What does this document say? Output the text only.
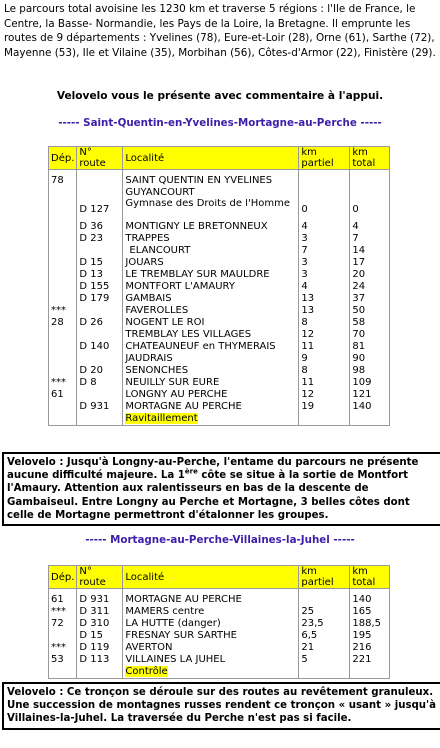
Le parcours total avoisine les 1230 km et traverse 5 régions : l'Ile de France, le Centre, la Basse- Normandie, les Pays de la Loire, la Bretagne. Il emprunte les routes de 9 départements : Yvelines (78), Eure-et-Loir (28), Orne (61), Sarthe (72), Mayenne (53), Ile et Vilaine (35), Morbihan (56), Côtes-d'Armor (22), Finistère (29).
Velovelo vous le présente avec commentaire à l'appui.
----- Saint-Quentin-en-Yvelines-Mortagne-au-Perche -----
Dép.	N° route	Localité	km partiel	km total

78		SAINT QUENTIN EN YVELINES		
		GUYANCOURT		
	D 127	Gymnase des Droits de l'Homme	0	0
	D 36	MONTIGNY LE BRETONNEUX	4	4
	D 23	TRAPPES	3	7
		ELANCOURT	7	14
	D 15	JOUARS	3	17
	D 13	LE TREMBLAY SUR MAULDRE	3	20
	D 155	MONTFORT L'AMAURY	4	24
	D 179	GAMBAIS	13	37
***		FAVEROLLES	13	50
28	D 26	NOGENT LE ROI	8	58
		TREMBLAY LES VILLAGES	12	70
	D 140	CHATEAUNEUF en THYMERAIS	11	81
		JAUDRAIS	9	90
	D 20	SENONCHES	8	98
***	D 8	NEUILLY SUR EURE	11	109
61		LONGNY AU PERCHE	12	121
	D 931	MORTAGNE AU PERCHE	19	140
		Ravitaillement		
Velovelo : Jusqu'à Longny-au-Perche, l'entame du parcours ne présente aucune difficulté majeure. La 1ère côte se situe à la sortie de Montfort l'Amaury. Attention aux ralentisseurs en bas de la descente de Gambaiseul. Entre Longny au Perche et Mortagne, 3 belles côtes dont celle de Mortagne permettront d'étalonner les groupes.
----- Mortagne-au-Perche-Villaines-la-Juhel -----
Dép.	N° route	Localité	km partiel	km total

61	D 931	MORTAGNE AU PERCHE		140
***	D 311	MAMERS centre	25	165
72	D 310	LA HUTTE (danger)	23,5	188,5
	D 15	FRESNAY SUR SARTHE	6,5	195
***	D 119	AVERTON	21	216
53	D 113	VILLAINES LA JUHEL	5	221
		Contrôle		
Velovelo : Ce tronçon se déroule sur des routes au revêtement granuleux. Une succession de montagnes russes rendent ce tronçon « usant » jusqu'à Villaines-la-Juhel. La traversée du Perche n'est pas si facile.
